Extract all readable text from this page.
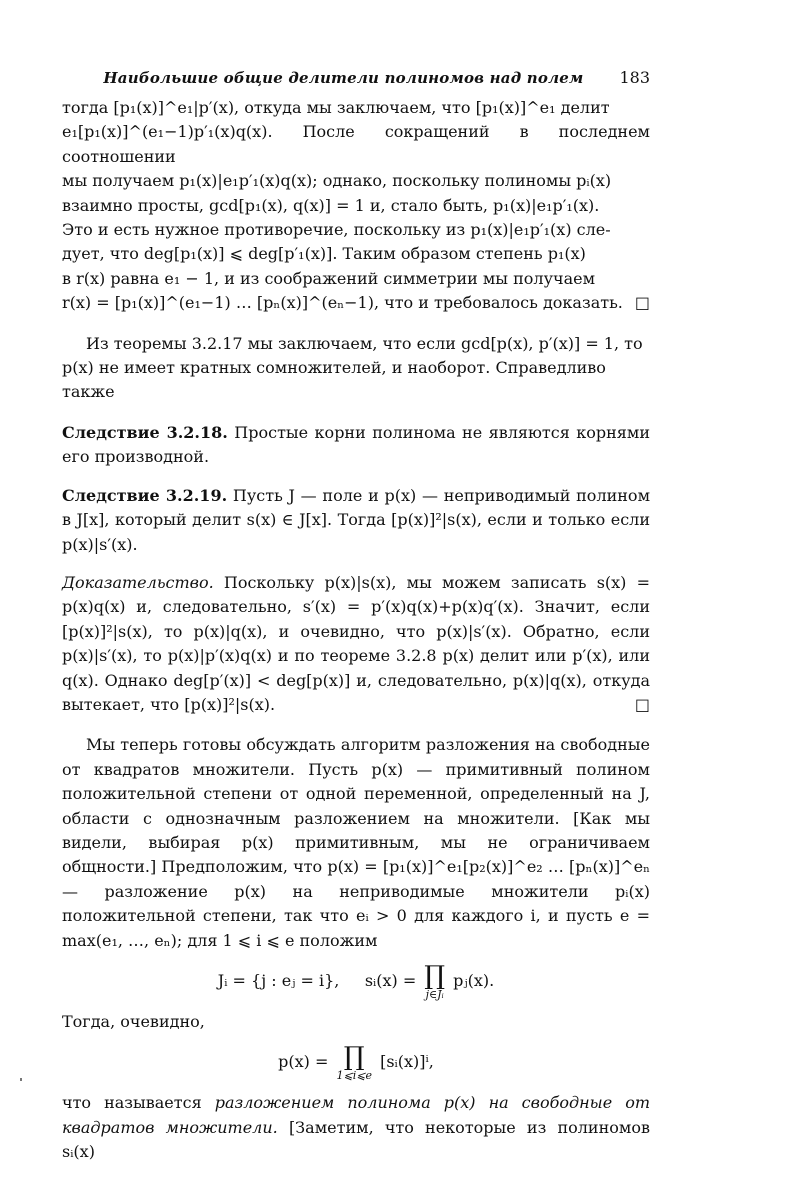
Наибольшие общие делители полиномов над полем 183

тогда [p₁(x)]^e₁|p′(x), откуда мы заключаем, что [p₁(x)]^e₁ делит

e₁[p₁(x)]^(e₁−1)p′₁(x)q(x). После сокращений в последнем соотношении

мы получаем p₁(x)|e₁p′₁(x)q(x); однако, поскольку полиномы pᵢ(x)

взаимно просты, gcd[p₁(x), q(x)] = 1 и, стало быть, p₁(x)|e₁p′₁(x).

Это и есть нужное противоречие, поскольку из p₁(x)|e₁p′₁(x) сле-

дует, что deg[p₁(x)] ⩽ deg[p′₁(x)]. Таким образом степень p₁(x)

в r(x) равна e₁ − 1, и из соображений симметрии мы получаем

r(x) = [p₁(x)]^(e₁−1) … [pₙ(x)]^(eₙ−1), что и требовалось доказать. □

Из теоремы 3.2.17 мы заключаем, что если gcd[p(x), p′(x)] = 1, то

p(x) не имеет кратных сомножителей, и наоборот. Справедливо

также

Следствие 3.2.18. Простые корни полинома не являются корнями его производной.

Следствие 3.2.19. Пусть J — поле и p(x) — неприводимый полином в J[x], который делит s(x) ∈ J[x]. Тогда [p(x)]²|s(x), если и только если p(x)|s′(x).

Доказательство. Поскольку p(x)|s(x), мы можем записать s(x) = p(x)q(x) и, следовательно, s′(x) = p′(x)q(x)+p(x)q′(x). Значит, если [p(x)]²|s(x), то p(x)|q(x), и очевидно, что p(x)|s′(x). Обратно, если p(x)|s′(x), то p(x)|p′(x)q(x) и по теореме 3.2.8 p(x) делит или p′(x), или q(x). Однако deg[p′(x)] < deg[p(x)] и, следовательно, p(x)|q(x), откуда вытекает, что [p(x)]²|s(x).	□

Мы теперь готовы обсуждать алгоритм разложения на свободные от квадратов множители. Пусть p(x) — примитивный полином положительной степени от одной переменной, определенный на J, области с однозначным разложением на множители. [Как мы видели, выбирая p(x) примитивным, мы не ограничиваем общности.] Предположим, что p(x) = [p₁(x)]^e₁[p₂(x)]^e₂ … [pₙ(x)]^eₙ — разложение p(x) на неприводимые множители pᵢ(x) положительной степени, так что eᵢ > 0 для каждого i, и пусть e = max(e₁, …, eₙ); для 1 ⩽ i ⩽ e положим

Jᵢ = {j : eⱼ = i}, sᵢ(x) = ∏
j∈Jᵢ
pⱼ(x).

Тогда, очевидно,

p(x) = ∏
1⩽i⩽e
[sᵢ(x)]ⁱ,

что называется разложением полинома p(x) на свободные от квадратов множители. [Заметим, что некоторые из полиномов sᵢ(x)
